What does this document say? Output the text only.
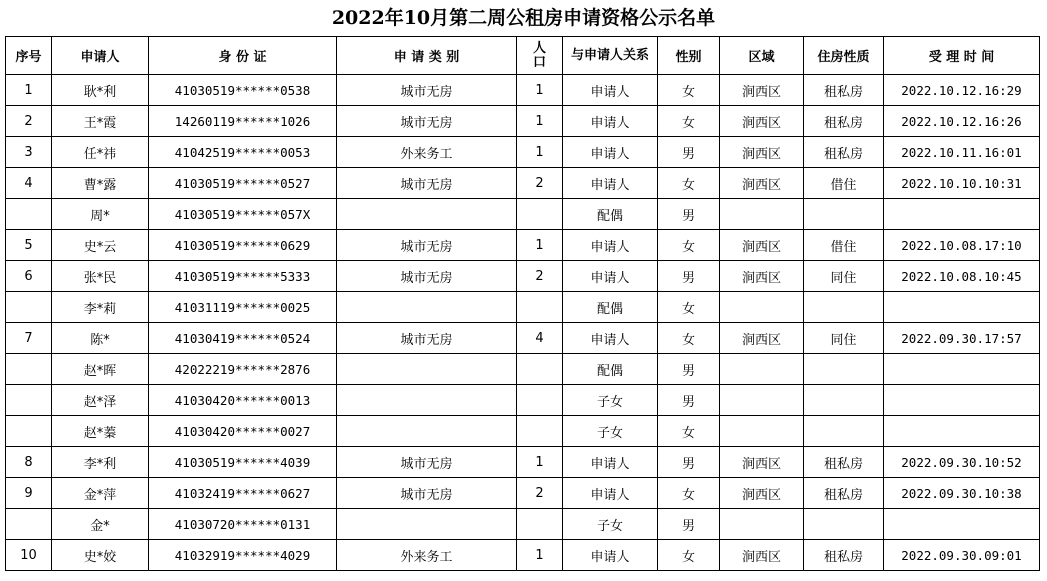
2022年10月第二周公租房申请资格公示名单
序号	申请人	身 份 证	申 请 类 别	人口	与申请人关系	性别	区域	住房性质	受 理 时 间
1	耿*利	41030519******0538	城市无房	1	申请人	女	涧西区	租私房	2022.10.12.16:29
2	王*霞	14260119******1026	城市无房	1	申请人	女	涧西区	租私房	2022.10.12.16:26
3	任*祎	41042519******0053	外来务工	1	申请人	男	涧西区	租私房	2022.10.11.16:01
4	曹*露	41030519******0527	城市无房	2	申请人	女	涧西区	借住	2022.10.10.10:31
	周*	41030519******057X			配偶	男			
5	史*云	41030519******0629	城市无房	1	申请人	女	涧西区	借住	2022.10.08.17:10
6	张*民	41030519******5333	城市无房	2	申请人	男	涧西区	同住	2022.10.08.10:45
	李*莉	41031119******0025			配偶	女			
7	陈*	41030419******0524	城市无房	4	申请人	女	涧西区	同住	2022.09.30.17:57
	赵*晖	42022219******2876			配偶	男			
	赵*泽	41030420******0013			子女	男			
	赵*蓁	41030420******0027			子女	女			
8	李*利	41030519******4039	城市无房	1	申请人	男	涧西区	租私房	2022.09.30.10:52
9	金*萍	41032419******0627	城市无房	2	申请人	女	涧西区	租私房	2022.09.30.10:38
	金*	41030720******0131			子女	男			
10	史*姣	41032919******4029	外来务工	1	申请人	女	涧西区	租私房	2022.09.30.09:01
